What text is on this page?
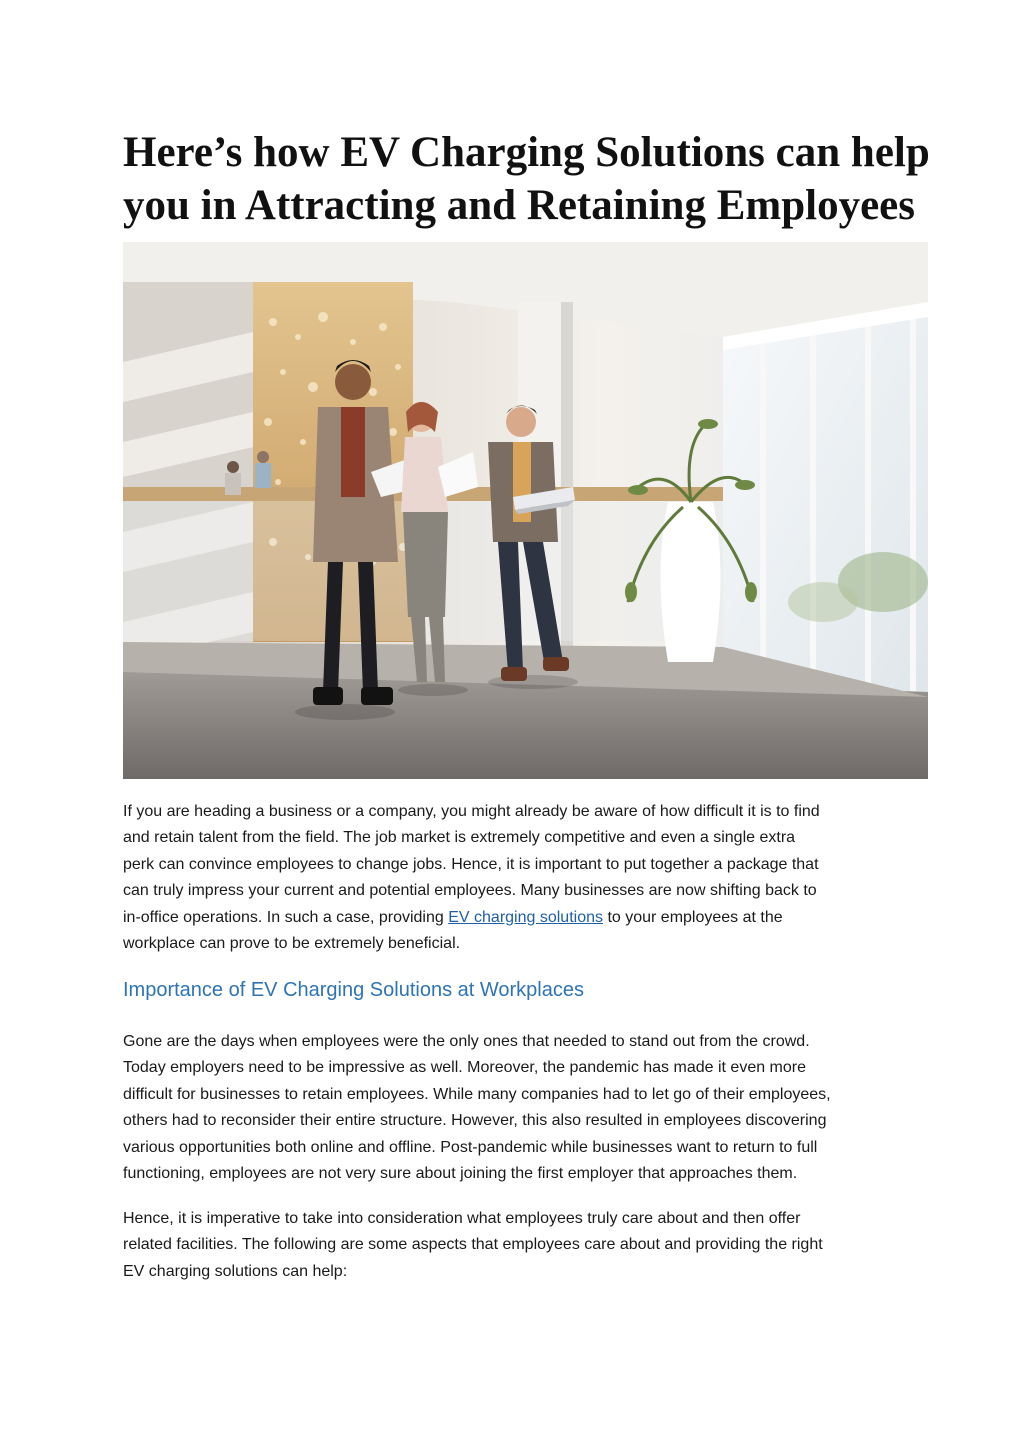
Here’s how EV Charging Solutions can help
you in Attracting and Retaining Employees

If you are heading a business or a company, you might already be aware of how difficult it is to find
and retain talent from the field. The job market is extremely competitive and even a single extra
perk can convince employees to change jobs. Hence, it is important to put together a package that
can truly impress your current and potential employees. Many businesses are now shifting back to
in-office operations. In such a case, providing EV charging solutions to your employees at the
workplace can prove to be extremely beneficial.

Importance of EV Charging Solutions at Workplaces

Gone are the days when employees were the only ones that needed to stand out from the crowd.
Today employers need to be impressive as well. Moreover, the pandemic has made it even more
difficult for businesses to retain employees. While many companies had to let go of their employees,
others had to reconsider their entire structure. However, this also resulted in employees discovering
various opportunities both online and offline. Post-pandemic while businesses want to return to full
functioning, employees are not very sure about joining the first employer that approaches them.

Hence, it is imperative to take into consideration what employees truly care about and then offer
related facilities. The following are some aspects that employees care about and providing the right
EV charging solutions can help:
